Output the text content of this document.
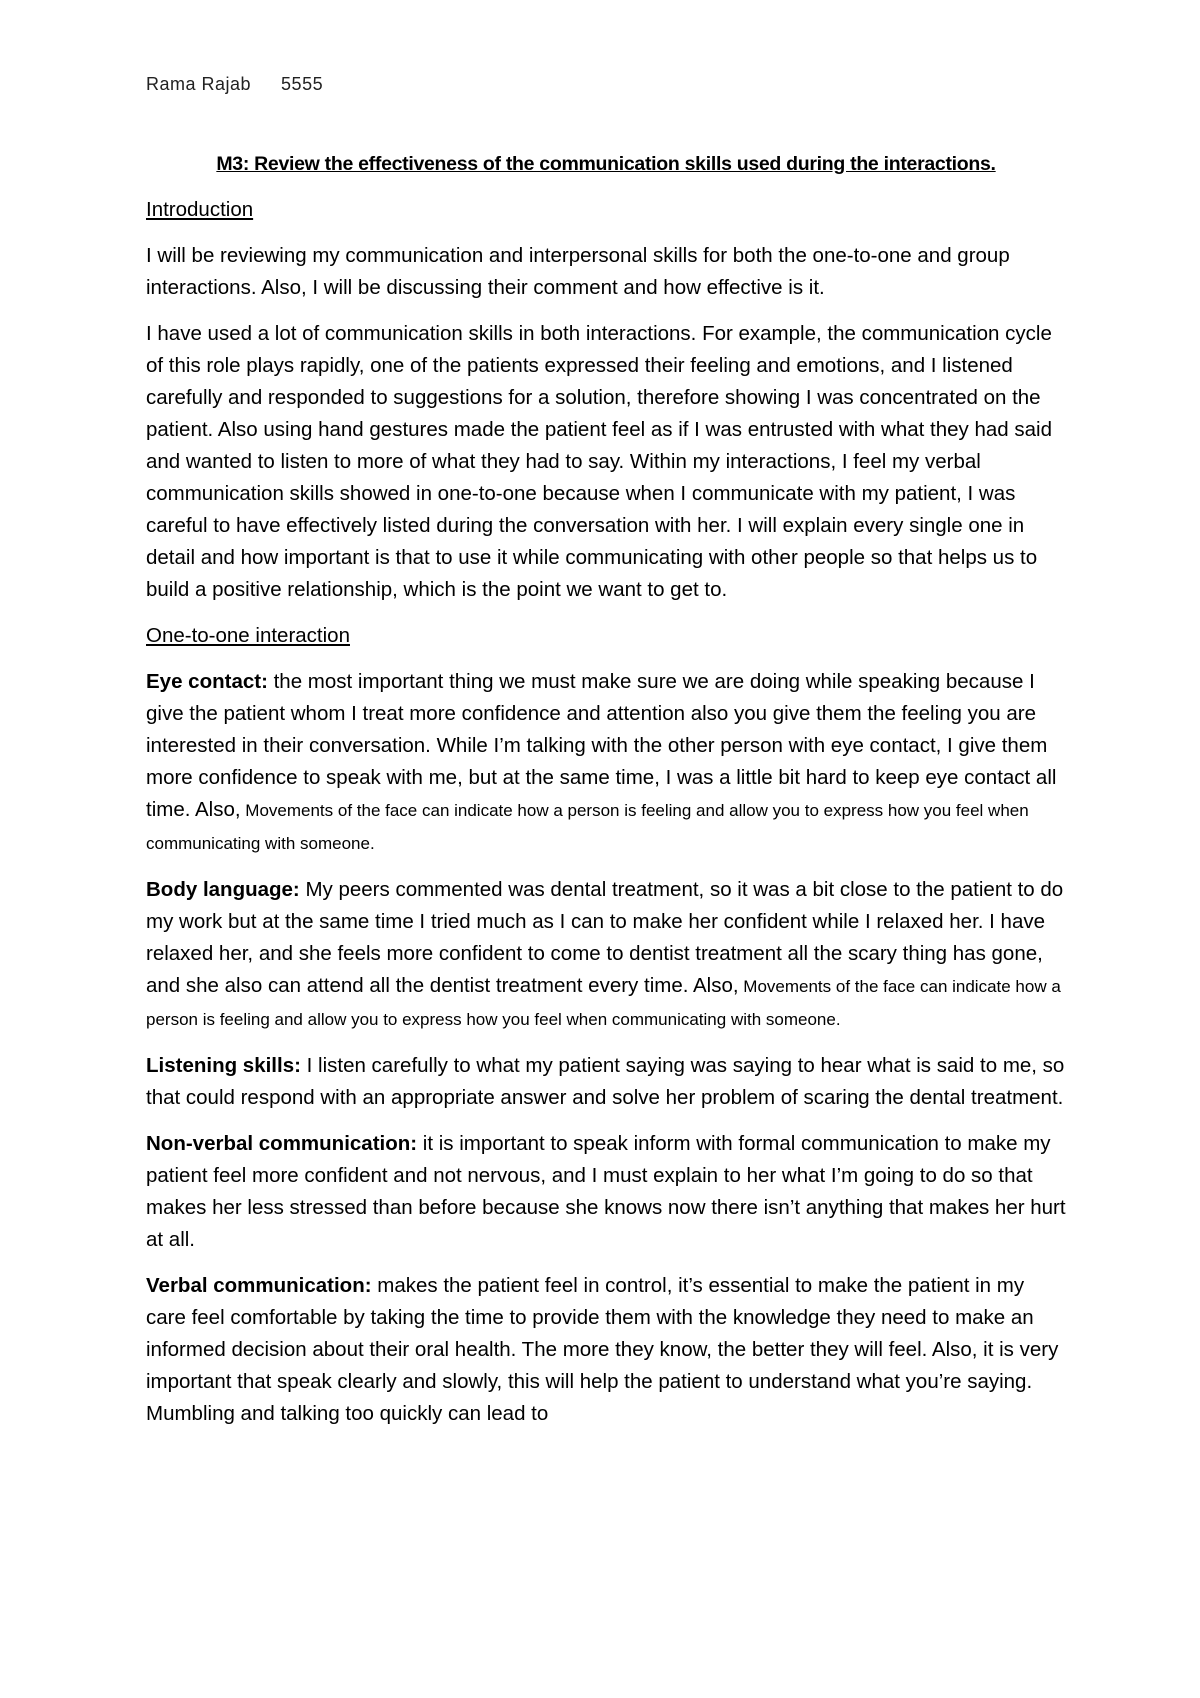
Rama Rajab 5555
M3: Review the effectiveness of the communication skills used during the interactions.
Introduction

I will be reviewing my communication and interpersonal skills for both the one-to-one and group interactions. Also, I will be discussing their comment and how effective is it.

I have used a lot of communication skills in both interactions. For example, the communication cycle of this role plays rapidly, one of the patients expressed their feeling and emotions, and I listened carefully and responded to suggestions for a solution, therefore showing I was concentrated on the patient. Also using hand gestures made the patient feel as if I was entrusted with what they had said and wanted to listen to more of what they had to say. Within my interactions, I feel my verbal communication skills showed in one-to-one because when I communicate with my patient, I was careful to have effectively listed during the conversation with her. I will explain every single one in detail and how important is that to use it while communicating with other people so that helps us to build a positive relationship, which is the point we want to get to.

One-to-one interaction

Eye contact: the most important thing we must make sure we are doing while speaking because I give the patient whom I treat more confidence and attention also you give them the feeling you are interested in their conversation. While I’m talking with the other person with eye contact, I give them more confidence to speak with me, but at the same time, I was a little bit hard to keep eye contact all time. Also, Movements of the face can indicate how a person is feeling and allow you to express how you feel when communicating with someone.

Body language: My peers commented was dental treatment, so it was a bit close to the patient to do my work but at the same time I tried much as I can to make her confident while I relaxed her. I have relaxed her, and she feels more confident to come to dentist treatment all the scary thing has gone, and she also can attend all the dentist treatment every time. Also, Movements of the face can indicate how a person is feeling and allow you to express how you feel when communicating with someone.

Listening skills: I listen carefully to what my patient saying was saying to hear what is said to me, so that could respond with an appropriate answer and solve her problem of scaring the dental treatment.

Non-verbal communication: it is important to speak inform with formal communication to make my patient feel more confident and not nervous, and I must explain to her what I’m going to do so that makes her less stressed than before because she knows now there isn’t anything that makes her hurt at all.

Verbal communication: makes the patient feel in control, it’s essential to make the patient in my care feel comfortable by taking the time to provide them with the knowledge they need to make an informed decision about their oral health. The more they know, the better they will feel. Also, it is very important that speak clearly and slowly, this will help the patient to understand what you’re saying. Mumbling and talking too quickly can lead to
